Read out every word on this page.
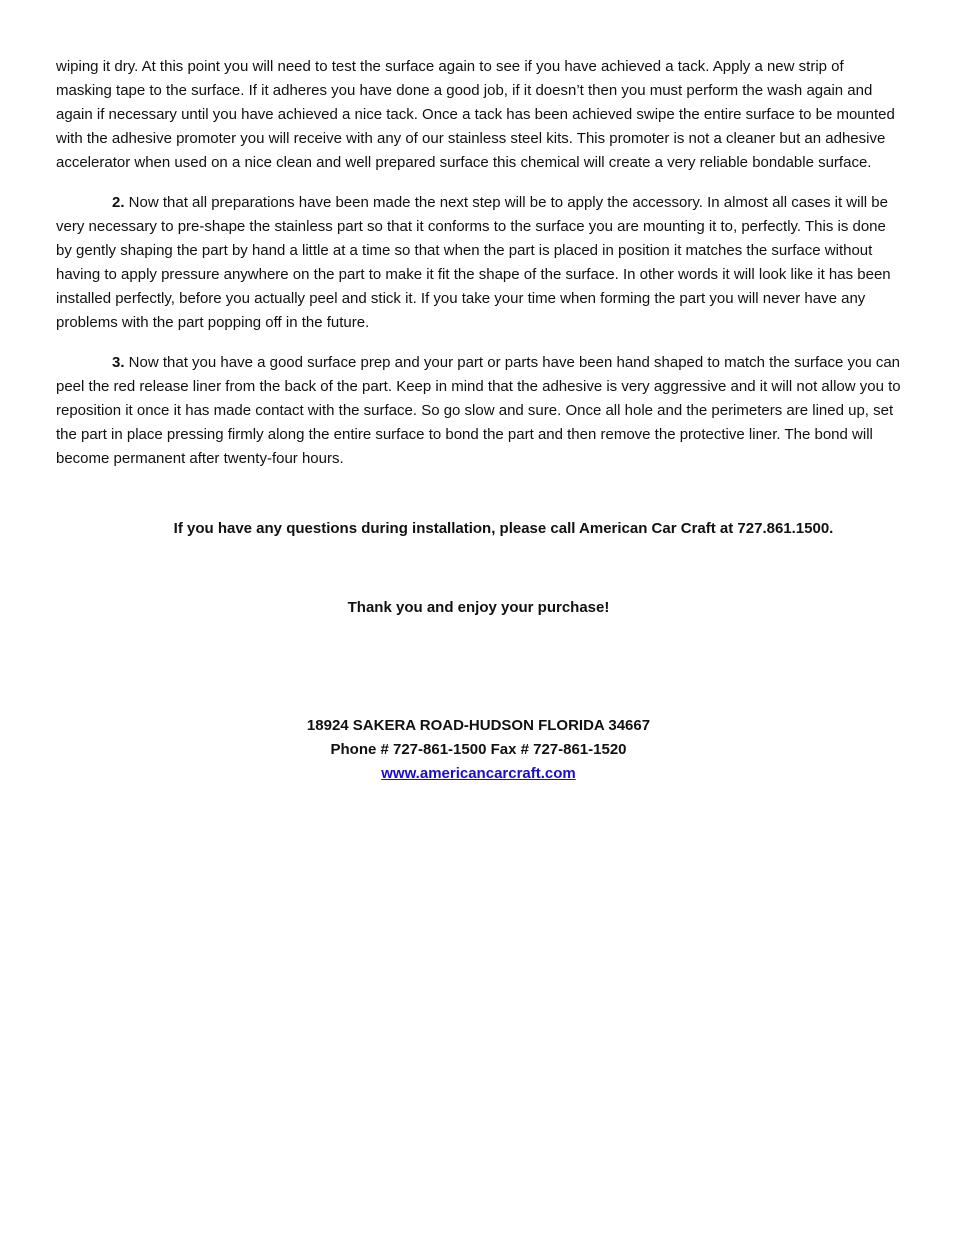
wiping it dry. At this point you will need to test the surface again to see if you have achieved a tack. Apply a new strip of masking tape to the surface. If it adheres you have done a good job, if it doesn’t then you must perform the wash again and again if necessary until you have achieved a nice tack. Once a tack has been achieved swipe the entire surface to be mounted with the adhesive promoter you will receive with any of our stainless steel kits. This promoter is not a cleaner but an adhesive accelerator when used on a nice clean and well prepared surface this chemical will create a very reliable bondable surface.

2. Now that all preparations have been made the next step will be to apply the accessory. In almost all cases it will be very necessary to pre-shape the stainless part so that it conforms to the surface you are mounting it to, perfectly. This is done by gently shaping the part by hand a little at a time so that when the part is placed in position it matches the surface without having to apply pressure anywhere on the part to make it fit the shape of the surface. In other words it will look like it has been installed perfectly, before you actually peel and stick it. If you take your time when forming the part you will never have any problems with the part popping off in the future.

3. Now that you have a good surface prep and your part or parts have been hand shaped to match the surface you can peel the red release liner from the back of the part. Keep in mind that the adhesive is very aggressive and it will not allow you to reposition it once it has made contact with the surface. So go slow and sure. Once all hole and the perimeters are lined up, set the part in place pressing firmly along the entire surface to bond the part and then remove the protective liner. The bond will become permanent after twenty-four hours.

If you have any questions during installation, please call American Car Craft at 727.861.1500.

Thank you and enjoy your purchase!

18924 SAKERA ROAD-HUDSON FLORIDA 34667

Phone # 727-861-1500 Fax # 727-861-1520

www.americancarcraft.com
